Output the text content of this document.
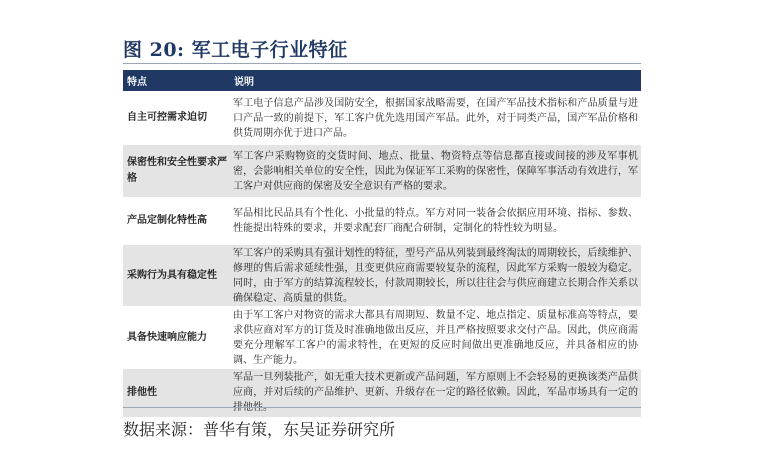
图 20: 军工电子行业特征
特点	说明
自主可控需求迫切	军工电子信息产品涉及国防安全，根据国家战略需要，在国产军品技术指标和产品质量与进口产品一致的前提下，军工客户优先选用国产军品。此外，对于同类产品，国产军品价格和供货周期亦优于进口产品。
保密性和安全性要求严格	军工客户采购物资的交货时间、地点、批量、物资特点等信息都直接或间接的涉及军事机密，会影响相关单位的安全性，因此为保证军工采购的保密性，保障军事活动有效进行，军工客户对供应商的保密及安全意识有严格的要求。
产品定制化特性高	军品相比民品具有个性化、小批量的特点。军方对同一装备会依据应用环境、指标、参数、性能提出特殊的要求，并要求配套厂商配合研制，定制化的特性较为明显。
采购行为具有稳定性	军工客户的采购具有强计划性的特征，型号产品从列装到最终淘汰的周期较长，后续维护、修理的售后需求延续性强，且变更供应商需要较复杂的流程，因此军方采购一般较为稳定。同时，由于军方的结算流程较长，付款周期较长，所以往往会与供应商建立长期合作关系以确保稳定、高质量的供货。
具备快速响应能力	由于军工客户对物资的需求大都具有周期短、数量不定、地点指定、质量标准高等特点，要求供应商对军方的订货及时准确地做出反应，并且严格按照要求交付产品。因此，供应商需要充分理解军工客户的需求特性，在更短的反应时间做出更准确地反应，并具备相应的协调、生产能力。
排他性	军品一旦列装批产，如无重大技术更新或产品问题，军方原则上不会轻易的更换该类产品供应商，并对后续的产品维护、更新、升级存在一定的路径依赖。因此，军品市场具有一定的排他性。
数据来源：普华有策，东吴证券研究所
